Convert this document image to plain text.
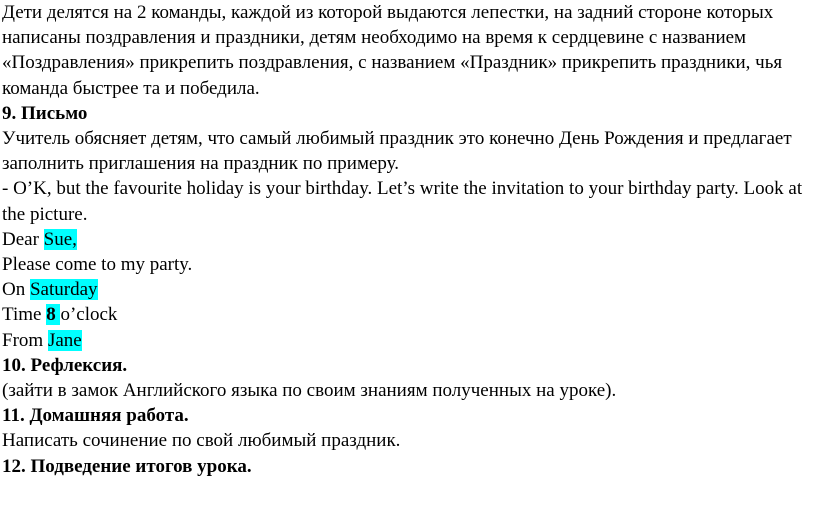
Дети делятся на 2 команды, каждой из которой выдаются лепестки, на задний стороне которых

написаны поздравления и праздники, детям необходимо на время к сердцевине с названием

«Поздравления» прикрепить поздравления, с названием «Праздник» прикрепить праздники, чья

команда быстрее та и победила.

9. Письмо

Учитель обясняет детям, что самый любимый праздник это конечно День Рождения и предлагает

заполнить приглашения на праздник по примеру.

- O’K, but the favourite holiday is your birthday. Let’s write the invitation to your birthday party. Look at

the picture.

Dear Sue,

Please come to my party.

On Saturday

Time 8 o’clock

From Jane

10. Рефлексия.

(зайти в замок Английского языка по своим знаниям полученных на уроке).

11. Домашняя работа.

Написать сочинение по свой любимый праздник.

12. Подведение итогов урока.
